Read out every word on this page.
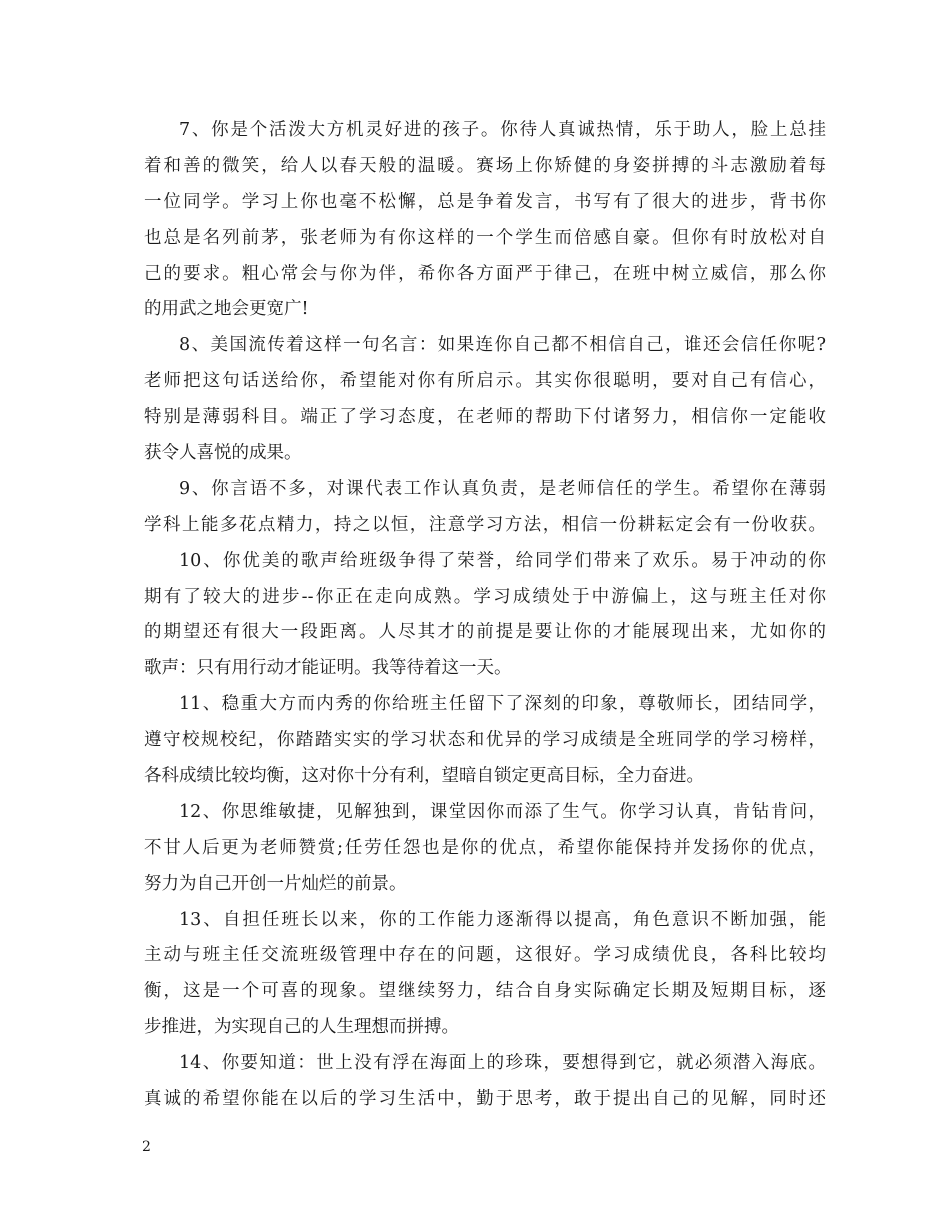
7、你是个活泼大方机灵好进的孩子。你待人真诚热情，乐于助人，脸上总挂
着和善的微笑，给人以春天般的温暖。赛场上你矫健的身姿拼搏的斗志激励着每
一位同学。学习上你也毫不松懈，总是争着发言，书写有了很大的进步，背书你
也总是名列前茅，张老师为有你这样的一个学生而倍感自豪。但你有时放松对自
己的要求。粗心常会与你为伴，希你各方面严于律己，在班中树立威信，那么你
的用武之地会更宽广!
8、美国流传着这样一句名言：如果连你自己都不相信自己，谁还会信任你呢?
老师把这句话送给你，希望能对你有所启示。其实你很聪明，要对自己有信心，
特别是薄弱科目。端正了学习态度，在老师的帮助下付诸努力，相信你一定能收
获令人喜悦的成果。
9、你言语不多，对课代表工作认真负责，是老师信任的学生。希望你在薄弱
学科上能多花点精力，持之以恒，注意学习方法，相信一份耕耘定会有一份收获。
10、你优美的歌声给班级争得了荣誉，给同学们带来了欢乐。易于冲动的你
期有了较大的进步--你正在走向成熟。学习成绩处于中游偏上，这与班主任对你
的期望还有很大一段距离。人尽其才的前提是要让你的才能展现出来，尤如你的
歌声：只有用行动才能证明。我等待着这一天。
11、稳重大方而内秀的你给班主任留下了深刻的印象，尊敬师长，团结同学，
遵守校规校纪，你踏踏实实的学习状态和优异的学习成绩是全班同学的学习榜样，
各科成绩比较均衡，这对你十分有利，望暗自锁定更高目标，全力奋进。
12、你思维敏捷，见解独到，课堂因你而添了生气。你学习认真，肯钻肯问，
不甘人后更为老师赞赏;任劳任怨也是你的优点，希望你能保持并发扬你的优点，
努力为自己开创一片灿烂的前景。
13、自担任班长以来，你的工作能力逐渐得以提高，角色意识不断加强，能
主动与班主任交流班级管理中存在的问题，这很好。学习成绩优良，各科比较均
衡，这是一个可喜的现象。望继续努力，结合自身实际确定长期及短期目标，逐
步推进，为实现自己的人生理想而拼搏。
14、你要知道：世上没有浮在海面上的珍珠，要想得到它，就必须潜入海底。
真诚的希望你能在以后的学习生活中，勤于思考，敢于提出自己的见解，同时还
2
